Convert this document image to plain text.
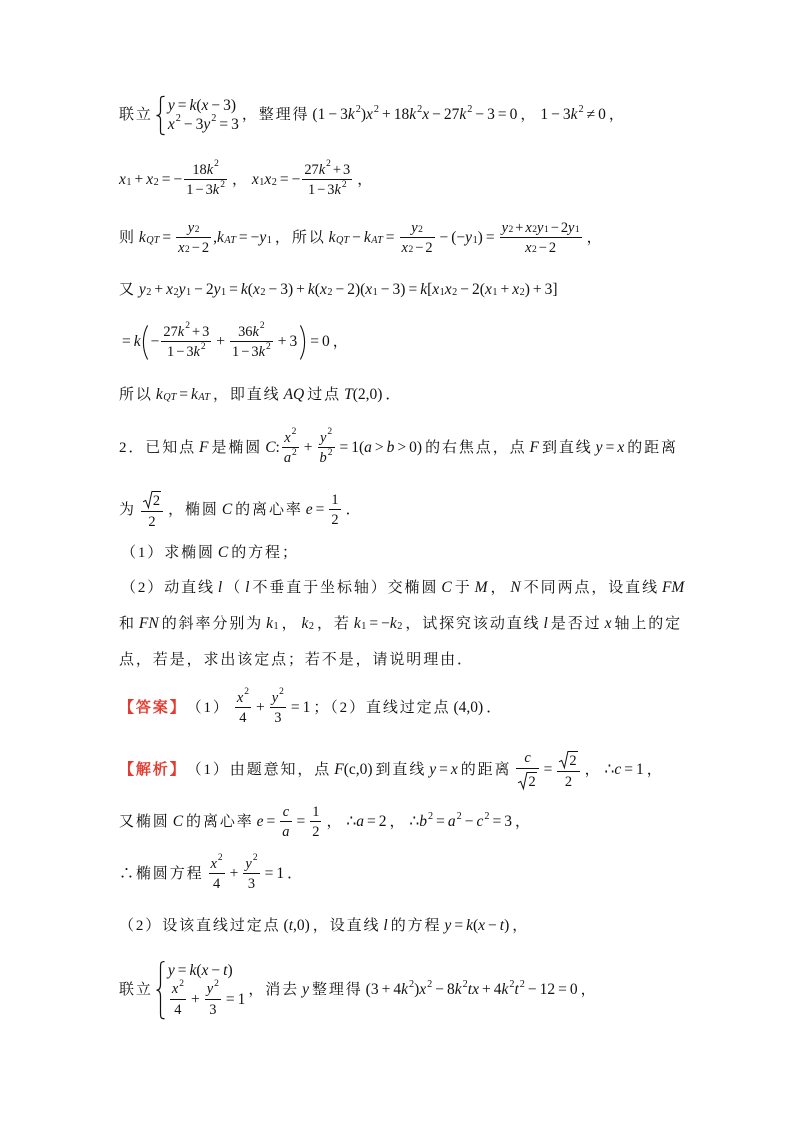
联立
y = k ( x − 3 )
x 2 − 3 y 2 = 3
，整理得 (1 − 3 k 2 ) x 2 + 18 k 2 x − 27 k 2 − 3 = 0 ， 1 − 3 k 2 ≠ 0 ，
x 1 + x 2 = − $\frac{18 k 2}{1 - 3 k 2}$ ， x 1 x 2 = − $\frac{27 k 2 + 3}{1 - 3 k 2}$ ，
则 k QT = $\frac{y 2}{x 2 - 2}$ , k AT = − y 1 ，所以 k QT − k AT = $\frac{y 2}{x 2 - 2}$ − (− y 1 ) = $\frac{y 2 + x 2 y 1 - 2 y 1}{x 2 - 2}$ ，
又 y 2 + x 2 y 1 − 2 y 1 = k ( x 2 − 3) + k ( x 2 − 2)( x 1 − 3) = k [ x 1 x 2 − 2( x 1 + x 2 ) + 3]
= $k - \frac{27 k 2 + 3}{1 - 3 k 2} + \frac{36 k 2}{1 - 3 k 2} + 3 = 0$ ，
所以 k QT = k AT ，即直线 AQ 过点 T (2,0) ．
2．已知点 F 是椭圆 C : $\frac{x 2}{a 2} + \frac{y 2}{b 2} = 1$( a > b > 0) 的右焦点，点 F 到直线 y = x 的距离
为 $\frac{2}{2}$ ，椭圆 C 的离心率 $e = \frac{1}{2}$ ．
（1）求椭圆 C 的方程；
（2）动直线 l （ l 不垂直于坐标轴）交椭圆 C 于 M ， N 不同两点，设直线 FM
和 FN 的斜率分别为 k 1 ， k 2 ，若 k 1 = − k 2 ，试探究该动直线 l 是否过 x 轴上的定
点，若是，求出该定点；若不是，请说明理由．
【答案】 $(1) \frac{x 2}{4} + \frac{y 2}{3} = 1$ ；（2）直线过定点 (4,0) ．
【解析】 （1）由题意知，点 F (c,0) 到直线 y = x 的距离 $\frac{c}{2} = \frac{2}{2}$ ， ∴ c = 1 ，
又椭圆 C 的离心率 $e = \frac{c}{a} = \frac{1}{2}$ ， ∴ a = 2 ， ∴ b 2 = a 2 − c 2 = 3 ，
∴椭圆方程 $\frac{x 2}{4} + \frac{y 2}{3} = 1$ ．
（2）设该直线过定点 ( t ,0) ，设直线 l 的方程 y = k ( x − t ) ，
联立
y = k ( x − t )
$\frac{x 2}{4} + \frac{y 2}{3} = 1$
，消去 y 整理得 (3 + 4 k 2 ) x 2 − 8 k 2 tx + 4 k 2 t 2 − 12 = 0 ，
